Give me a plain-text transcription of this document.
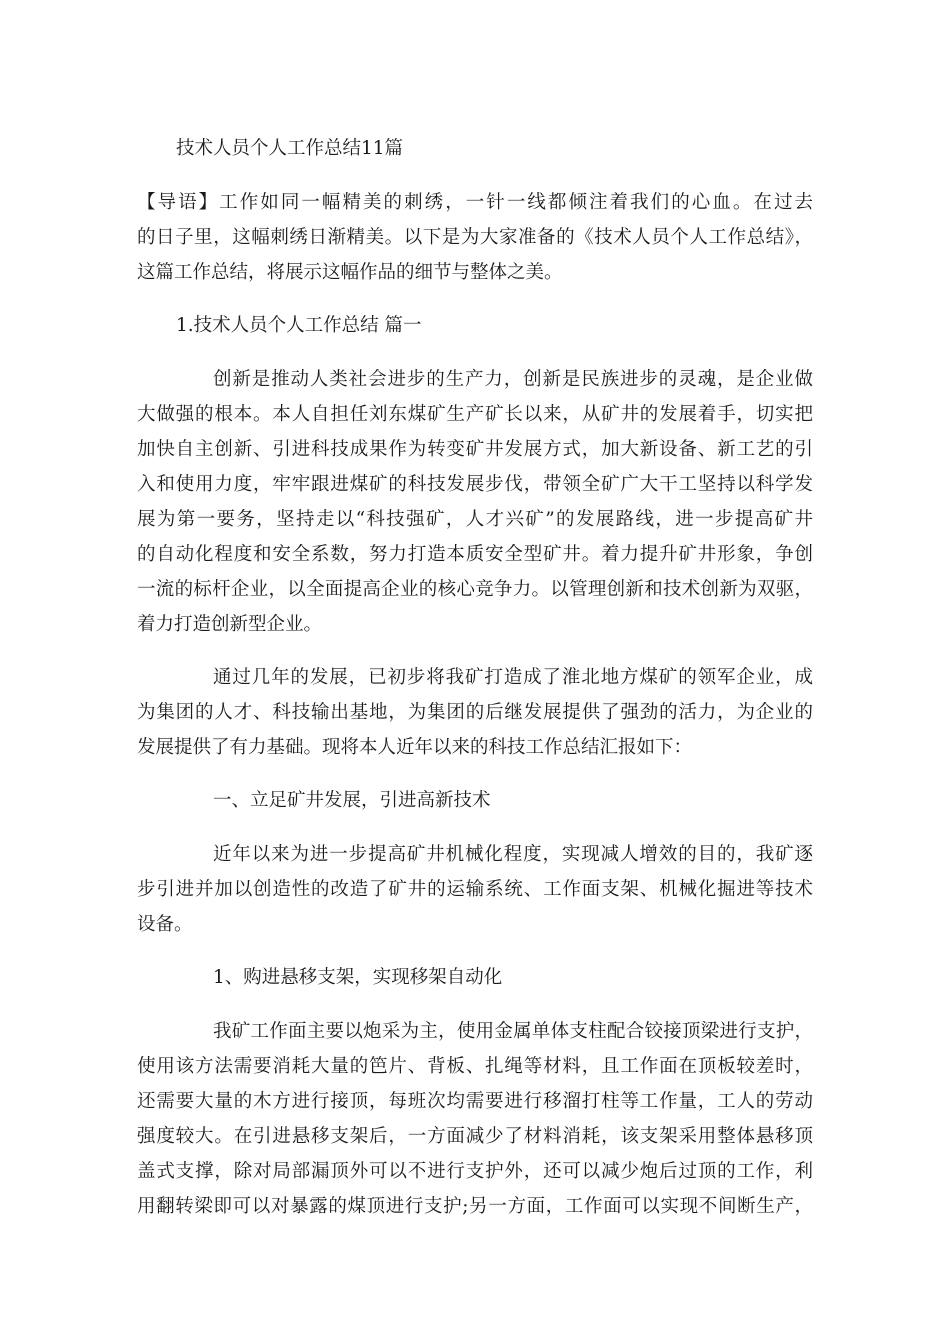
技术人员个人工作总结11篇
【导语】工作如同一幅精美的刺绣，一针一线都倾注着我们的心血。在过去
的日子里，这幅刺绣日渐精美。以下是为大家准备的《技术人员个人工作总结》，
这篇工作总结，将展示这幅作品的细节与整体之美。
1.技术人员个人工作总结 篇一
创新是推动人类社会进步的生产力，创新是民族进步的灵魂，是企业做
大做强的根本。本人自担任刘东煤矿生产矿长以来，从矿井的发展着手，切实把
加快自主创新、引进科技成果作为转变矿井发展方式，加大新设备、新工艺的引
入和使用力度，牢牢跟进煤矿的科技发展步伐，带领全矿广大干工坚持以科学发
展为第一要务，坚持走以“科技强矿，人才兴矿”的发展路线，进一步提高矿井
的自动化程度和安全系数，努力打造本质安全型矿井。着力提升矿井形象，争创
一流的标杆企业，以全面提高企业的核心竞争力。以管理创新和技术创新为双驱，
着力打造创新型企业。
通过几年的发展，已初步将我矿打造成了淮北地方煤矿的领军企业，成
为集团的人才、科技输出基地，为集团的后继发展提供了强劲的活力，为企业的
发展提供了有力基础。现将本人近年以来的科技工作总结汇报如下：
一、立足矿井发展，引进高新技术
近年以来为进一步提高矿井机械化程度，实现减人增效的目的，我矿逐
步引进并加以创造性的改造了矿井的运输系统、工作面支架、机械化掘进等技术
设备。
1、购进悬移支架，实现移架自动化
我矿工作面主要以炮采为主，使用金属单体支柱配合铰接顶梁进行支护，
使用该方法需要消耗大量的笆片、背板、扎绳等材料，且工作面在顶板较差时，
还需要大量的木方进行接顶，每班次均需要进行移溜打柱等工作量，工人的劳动
强度较大。在引进悬移支架后，一方面减少了材料消耗，该支架采用整体悬移顶
盖式支撑，除对局部漏顶外可以不进行支护外，还可以减少炮后过顶的工作，利
用翻转梁即可以对暴露的煤顶进行支护;另一方面，工作面可以实现不间断生产，
